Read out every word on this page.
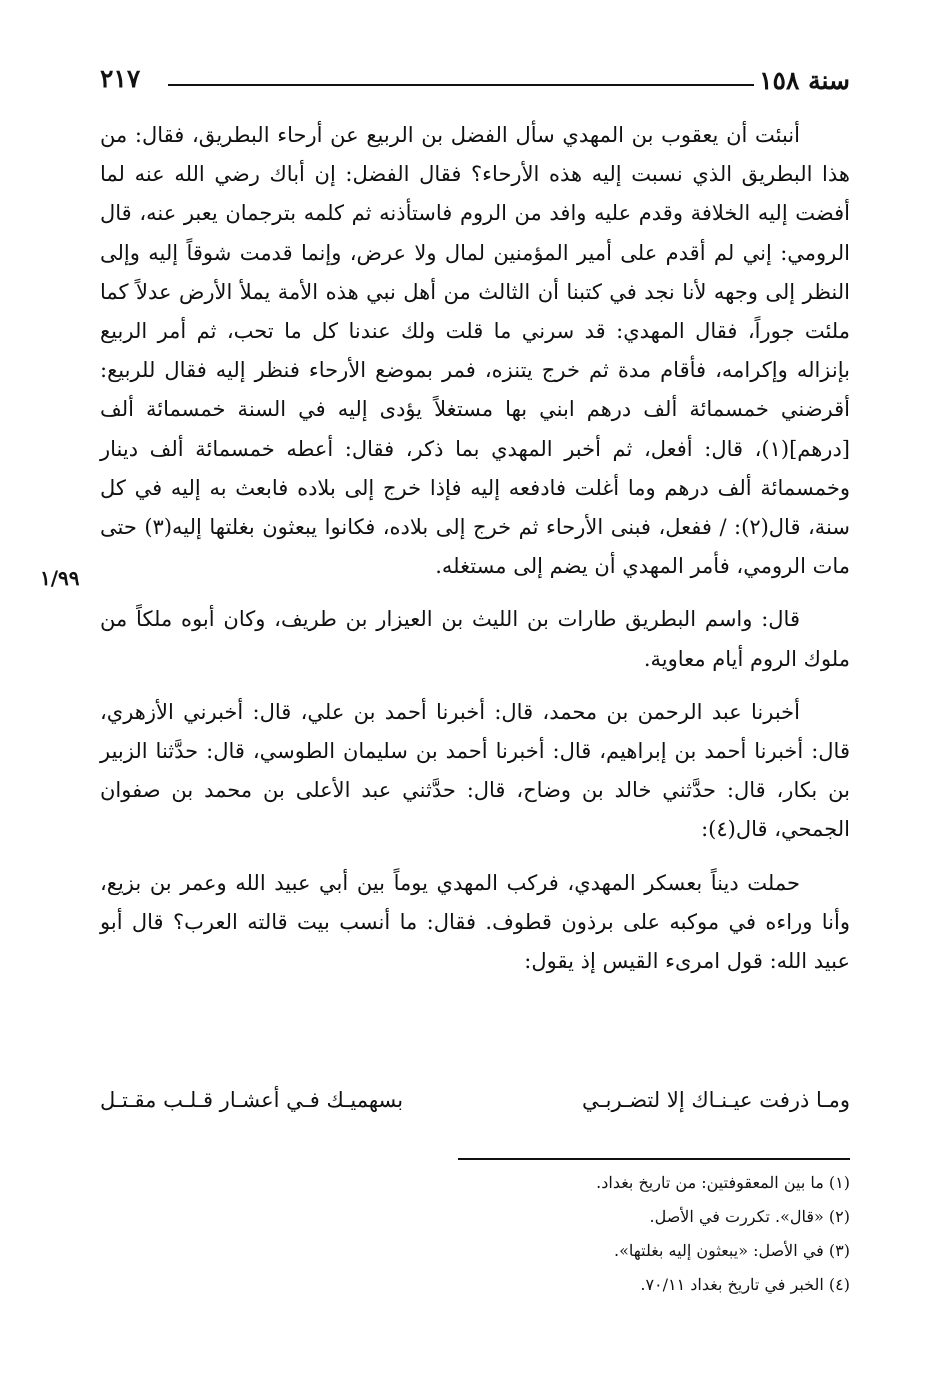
سنة ١٥٨
٢١٧

أنبئت أن يعقوب بن المهدي سأل الفضل بن الربيع عن أرحاء البطريق، فقال: من هذا البطريق الذي نسبت إليه هذه الأرحاء؟ فقال الفضل: إن أباك رضي الله عنه لما أفضت إليه الخلافة وقدم عليه وافد من الروم فاستأذنه ثم كلمه بترجمان يعبر عنه، قال الرومي: إني لم أقدم على أمير المؤمنين لمال ولا عرض، وإنما قدمت شوقاً إليه وإلى النظر إلى وجهه لأنا نجد في كتبنا أن الثالث من أهل نبي هذه الأمة يملأ الأرض عدلاً كما ملئت جوراً، فقال المهدي: قد سرني ما قلت ولك عندنا كل ما تحب، ثم أمر الربيع بإنزاله وإكرامه، فأقام مدة ثم خرج يتنزه، فمر بموضع الأرحاء فنظر إليه فقال للربيع: أقرضني خمسمائة ألف درهم ابني بها مستغلاً يؤدى إليه في السنة خمسمائة ألف [درهم](١)، قال: أفعل، ثم أخبر المهدي بما ذكر، فقال: أعطه خمسمائة ألف دينار وخمسمائة ألف درهم وما أغلت فادفعه إليه فإذا خرج إلى بلاده فابعث به إليه في كل سنة، قال(٢): / ففعل، فبنى الأرحاء ثم خرج إلى بلاده، فكانوا يبعثون بغلتها إليه(٣) حتى مات الرومي، فأمر المهدي أن يضم إلى مستغله.

قال: واسم البطريق طارات بن الليث بن العيزار بن طريف، وكان أبوه ملكاً من ملوك الروم أيام معاوية.

أخبرنا عبد الرحمن بن محمد، قال: أخبرنا أحمد بن علي، قال: أخبرني الأزهري، قال: أخبرنا أحمد بن إبراهيم، قال: أخبرنا أحمد بن سليمان الطوسي، قال: حدَّثنا الزبير بن بكار، قال: حدَّثني خالد بن وضاح، قال: حدَّثني عبد الأعلى بن محمد بن صفوان الجمحي، قال(٤):

حملت ديناً بعسكر المهدي، فركب المهدي يوماً بين أبي عبيد الله وعمر بن بزيع، وأنا وراءه في موكبه على برذون قطوف. فقال: ما أنسب بيت قالته العرب؟ قال أبو عبيد الله: قول امرىء القيس إذ يقول:

١/٩٩
ومـا ذرفت عيـنـاك إلا لتضـربـي
بسهميـك فـي أعشـار قـلـب مقـتـل

(١) ما بين المعقوفتين: من تاريخ بغداد.

(٢) «قال». تكررت في الأصل.

(٣) في الأصل: «يبعثون إليه بغلتها».

(٤) الخبر في تاريخ بغداد ٧٠/١١.
